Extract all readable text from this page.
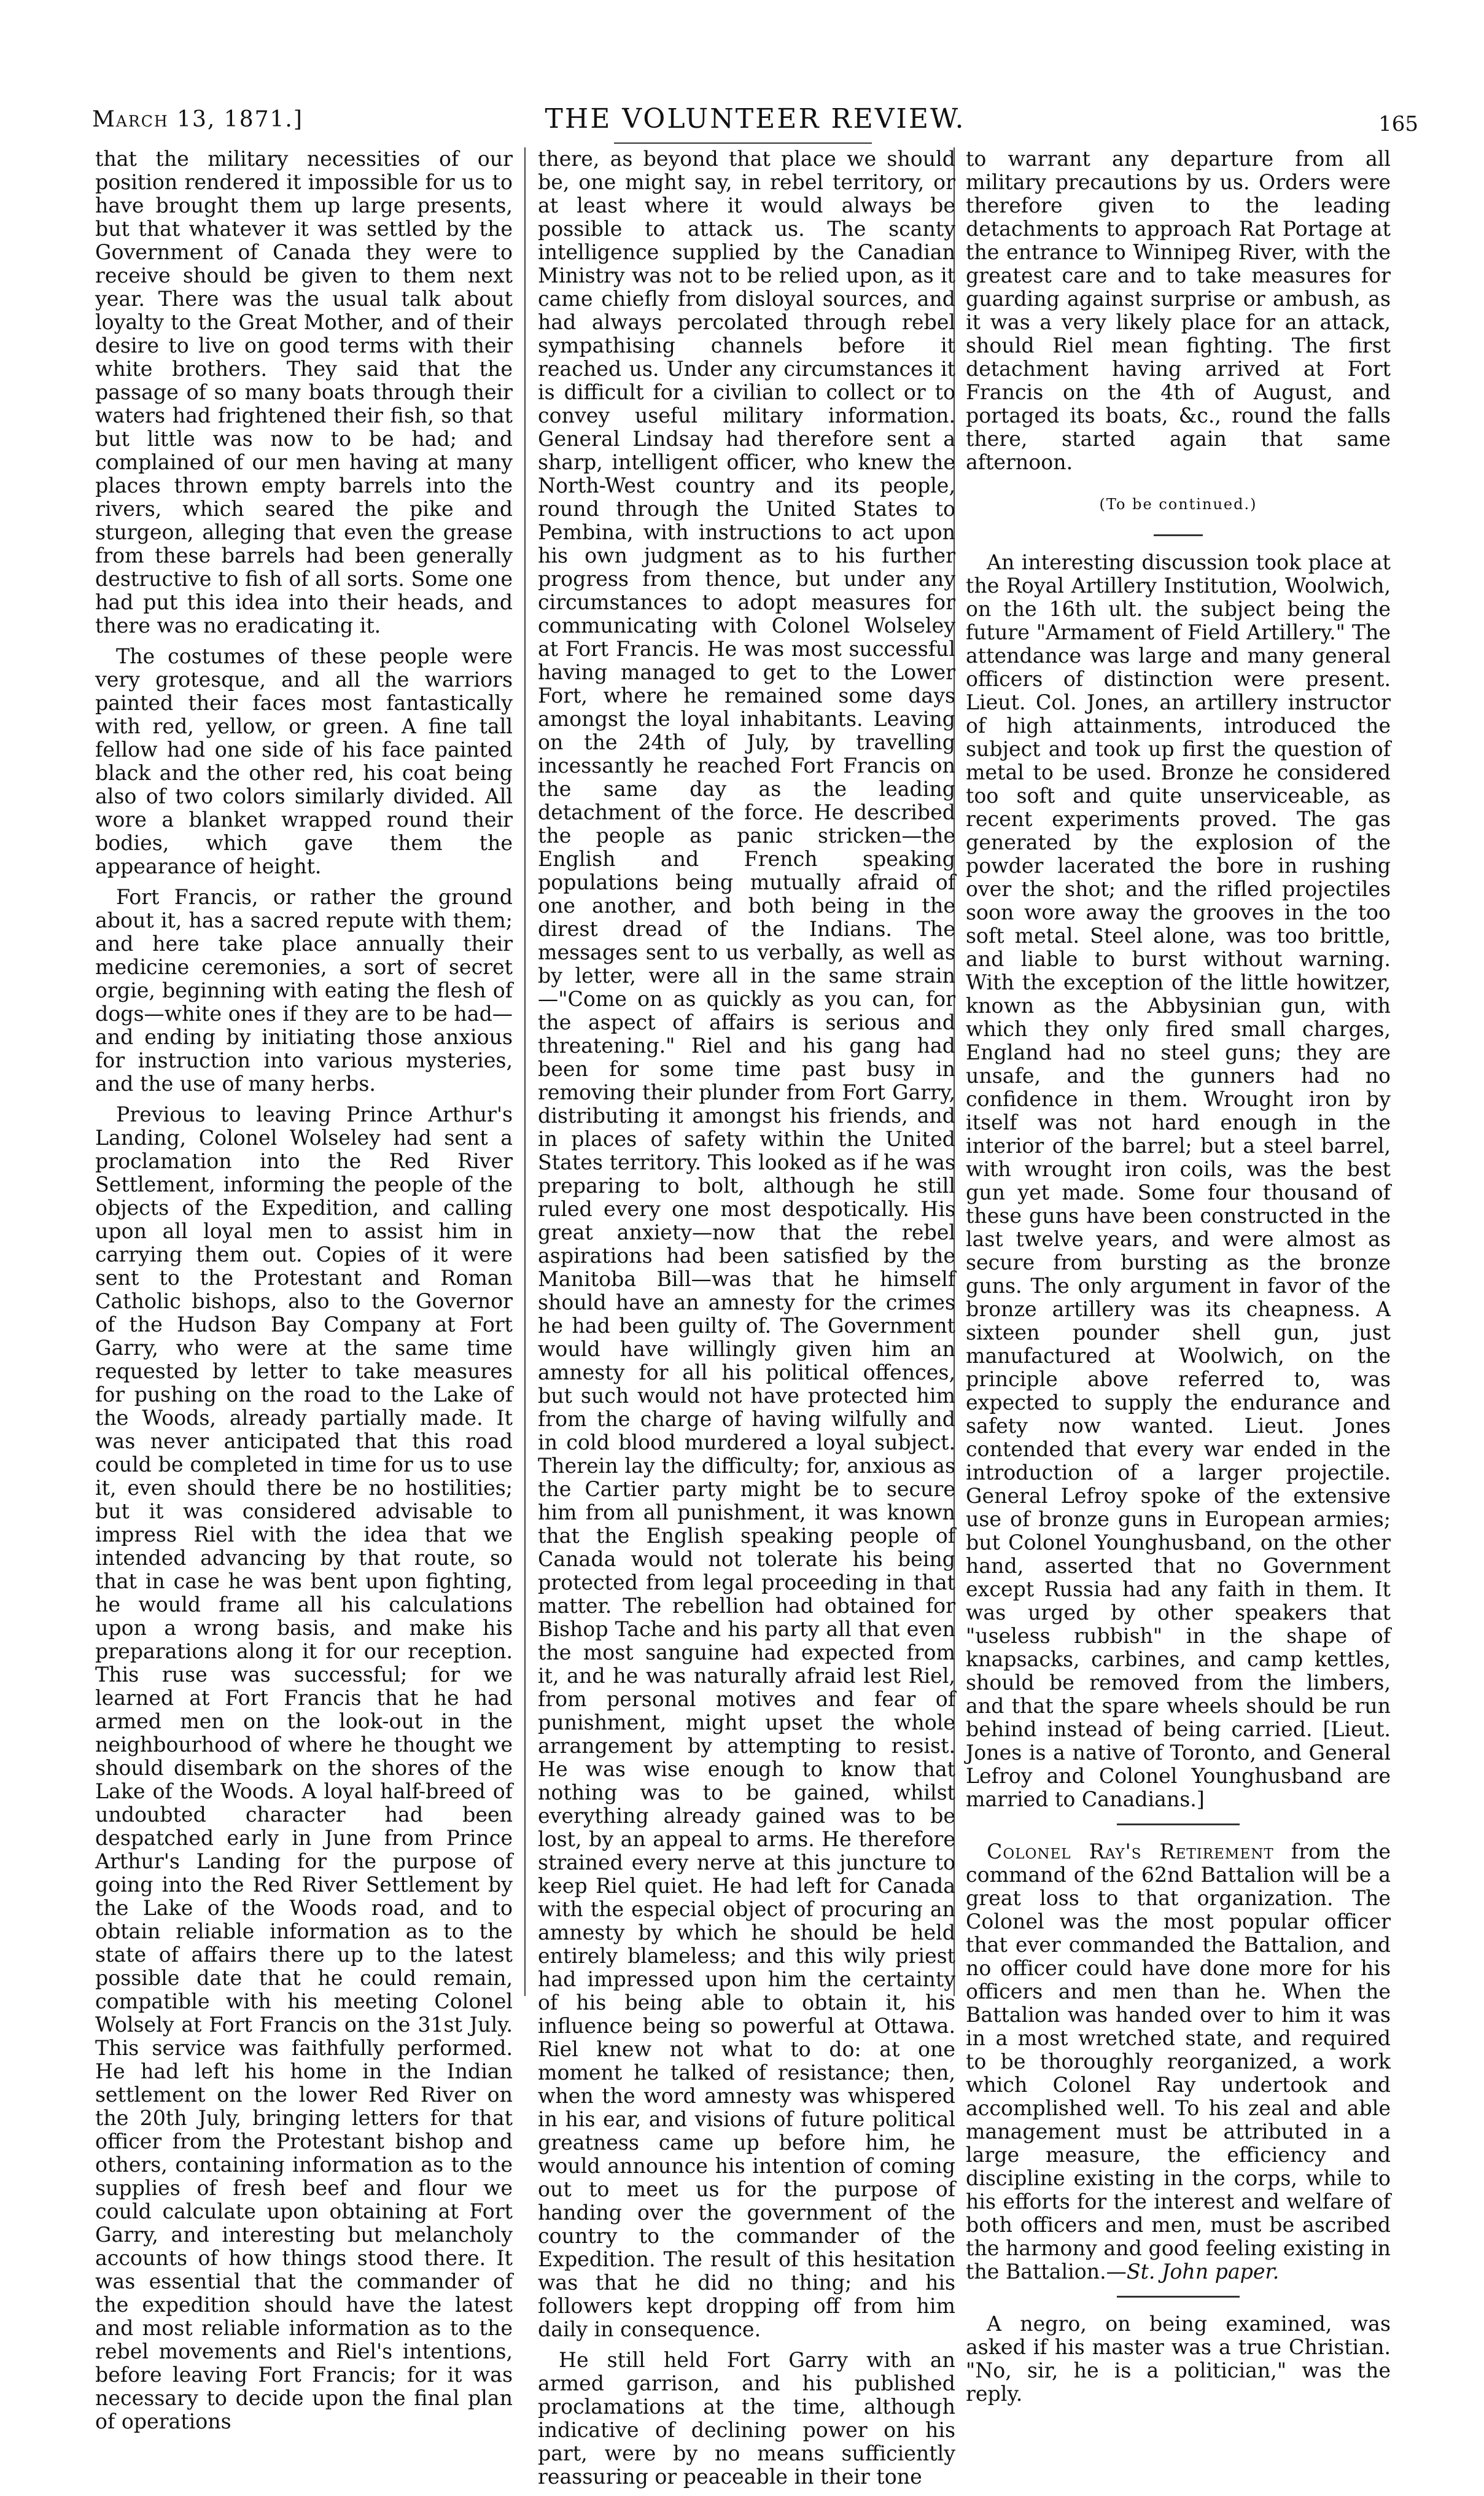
March 13, 1871.]	THE VOLUNTEER REVIEW.	165

that the military necessities of our position rendered it impossible for us to have brought them up large presents, but that whatever it was settled by the Government of Canada they were to receive should be given to them next year. There was the usual talk about loyalty to the Great Mother, and of their desire to live on good terms with their white brothers. They said that the passage of so many boats through their waters had frightened their fish, so that but little was now to be had; and complained of our men having at many places thrown empty barrels into the rivers, which seared the pike and sturgeon, alleging that even the grease from these barrels had been generally destructive to fish of all sorts. Some one had put this idea into their heads, and there was no eradicating it.

The costumes of these people were very grotesque, and all the warriors painted their faces most fantastically with red, yellow, or green. A fine tall fellow had one side of his face painted black and the other red, his coat being also of two colors similarly divided. All wore a blanket wrapped round their bodies, which gave them the appearance of height.

Fort Francis, or rather the ground about it, has a sacred repute with them; and here take place annually their medicine ceremonies, a sort of secret orgie, beginning with eating the flesh of dogs—white ones if they are to be had—and ending by initiating those anxious for instruction into various mysteries, and the use of many herbs.

Previous to leaving Prince Arthur's Landing, Colonel Wolseley had sent a proclamation into the Red River Settlement, informing the people of the objects of the Expedition, and calling upon all loyal men to assist him in carrying them out. Copies of it were sent to the Protestant and Roman Catholic bishops, also to the Governor of the Hudson Bay Company at Fort Garry, who were at the same time requested by letter to take measures for pushing on the road to the Lake of the Woods, already partially made. It was never anticipated that this road could be completed in time for us to use it, even should there be no hostilities; but it was considered advisable to impress Riel with the idea that we intended advancing by that route, so that in case he was bent upon fighting, he would frame all his calculations upon a wrong basis, and make his preparations along it for our reception. This ruse was successful; for we learned at Fort Francis that he had armed men on the look-out in the neighbourhood of where he thought we should disembark on the shores of the Lake of the Woods. A loyal half-breed of undoubted character had been despatched early in June from Prince Arthur's Landing for the purpose of going into the Red River Settlement by the Lake of the Woods road, and to obtain reliable information as to the state of affairs there up to the latest possible date that he could remain, compatible with his meeting Colonel Wolsely at Fort Francis on the 31st July. This service was faithfully performed. He had left his home in the Indian settlement on the lower Red River on the 20th July, bringing letters for that officer from the Protestant bishop and others, containing information as to the supplies of fresh beef and flour we could calculate upon obtaining at Fort Garry, and interesting but melancholy accounts of how things stood there. It was essential that the commander of the expedition should have the latest and most reliable information as to the rebel movements and Riel's intentions, before leaving Fort Francis; for it was necessary to decide upon the final plan of operations

there, as beyond that place we should be, one might say, in rebel territory, or at least where it would always be possible to attack us. The scanty intelligence supplied by the Canadian Ministry was not to be relied upon, as it came chiefly from disloyal sources, and had always percolated through rebel sympathising channels before it reached us. Under any circumstances it is difficult for a civilian to collect or to convey useful military information. General Lindsay had therefore sent a sharp, intelligent officer, who knew the North-West country and its people, round through the United States to Pembina, with instructions to act upon his own judgment as to his further progress from thence, but under any circumstances to adopt measures for communicating with Colonel Wolseley at Fort Francis. He was most successful having managed to get to the Lower Fort, where he remained some days amongst the loyal inhabitants. Leaving on the 24th of July, by travelling incessantly he reached Fort Francis on the same day as the leading detachment of the force. He described the people as panic stricken—the English and French speaking populations being mutually afraid of one another, and both being in the direst dread of the Indians. The messages sent to us verbally, as well as by letter, were all in the same strain—"Come on as quickly as you can, for the aspect of affairs is serious and threatening." Riel and his gang had been for some time past busy in removing their plunder from Fort Garry, distributing it amongst his friends, and in places of safety within the United States territory. This looked as if he was preparing to bolt, although he still ruled every one most despotically. His great anxiety—now that the rebel aspirations had been satisfied by the Manitoba Bill—was that he himself should have an amnesty for the crimes he had been guilty of. The Government would have willingly given him an amnesty for all his political offences, but such would not have protected him from the charge of having wilfully and in cold blood murdered a loyal subject. Therein lay the difficulty; for, anxious as the Cartier party might be to secure him from all punishment, it was known that the English speaking people of Canada would not tolerate his being protected from legal proceeding in that matter. The rebellion had obtained for Bishop Tache and his party all that even the most sanguine had expected from it, and he was naturally afraid lest Riel, from personal motives and fear of punishment, might upset the whole arrangement by attempting to resist. He was wise enough to know that nothing was to be gained, whilst everything already gained was to be lost, by an appeal to arms. He therefore strained every nerve at this juncture to keep Riel quiet. He had left for Canada with the especial object of procuring an amnesty by which he should be held entirely blameless; and this wily priest had impressed upon him the certainty of his being able to obtain it, his influence being so powerful at Ottawa. Riel knew not what to do: at one moment he talked of resistance; then, when the word amnesty was whispered in his ear, and visions of future political greatness came up before him, he would announce his intention of coming out to meet us for the purpose of handing over the government of the country to the commander of the Expedition. The result of this hesitation was that he did no thing; and his followers kept dropping off from him daily in consequence.

He still held Fort Garry with an armed garrison, and his published proclamations at the time, although indicative of declining power on his part, were by no means sufficiently reassuring or peaceable in their tone

to warrant any departure from all military precautions by us. Orders were therefore given to the leading detachments to approach Rat Portage at the entrance to Winnipeg River, with the greatest care and to take measures for guarding against surprise or ambush, as it was a very likely place for an attack, should Riel mean fighting. The first detachment having arrived at Fort Francis on the 4th of August, and portaged its boats, &c., round the falls there, started again that same afternoon.

(To be continued.)

An interesting discussion took place at the Royal Artillery Institution, Woolwich, on the 16th ult. the subject being the future "Armament of Field Artillery." The attendance was large and many general officers of distinction were present. Lieut. Col. Jones, an artillery instructor of high attainments, introduced the subject and took up first the question of metal to be used. Bronze he considered too soft and quite unserviceable, as recent experiments proved. The gas generated by the explosion of the powder lacerated the bore in rushing over the shot; and the rifled projectiles soon wore away the grooves in the too soft metal. Steel alone, was too brittle, and liable to burst without warning. With the exception of the little howitzer, known as the Abbysinian gun, with which they only fired small charges, England had no steel guns; they are unsafe, and the gunners had no confidence in them. Wrought iron by itself was not hard enough in the interior of the barrel; but a steel barrel, with wrought iron coils, was the best gun yet made. Some four thousand of these guns have been constructed in the last twelve years, and were almost as secure from bursting as the bronze guns. The only argument in favor of the bronze artillery was its cheapness. A sixteen pounder shell gun, just manufactured at Woolwich, on the principle above referred to, was expected to supply the endurance and safety now wanted. Lieut. Jones contended that every war ended in the introduction of a larger projectile. General Lefroy spoke of the extensive use of bronze guns in European armies; but Colonel Younghusband, on the other hand, asserted that no Government except Russia had any faith in them. It was urged by other speakers that "useless rubbish" in the shape of knapsacks, carbines, and camp kettles, should be removed from the limbers, and that the spare wheels should be run behind instead of being carried. [Lieut. Jones is a native of Toronto, and General Lefroy and Colonel Younghusband are married to Canadians.]

Colonel Ray's Retirement from the command of the 62nd Battalion will be a great loss to that organization. The Colonel was the most popular officer that ever commanded the Battalion, and no officer could have done more for his officers and men than he. When the Battalion was handed over to him it was in a most wretched state, and required to be thoroughly reorganized, a work which Colonel Ray undertook and accomplished well. To his zeal and able management must be attributed in a large measure, the efficiency and discipline existing in the corps, while to his efforts for the interest and welfare of both officers and men, must be ascribed the harmony and good feeling existing in the Battalion.—St. John paper.

A negro, on being examined, was asked if his master was a true Christian. "No, sir, he is a politician," was the reply.
